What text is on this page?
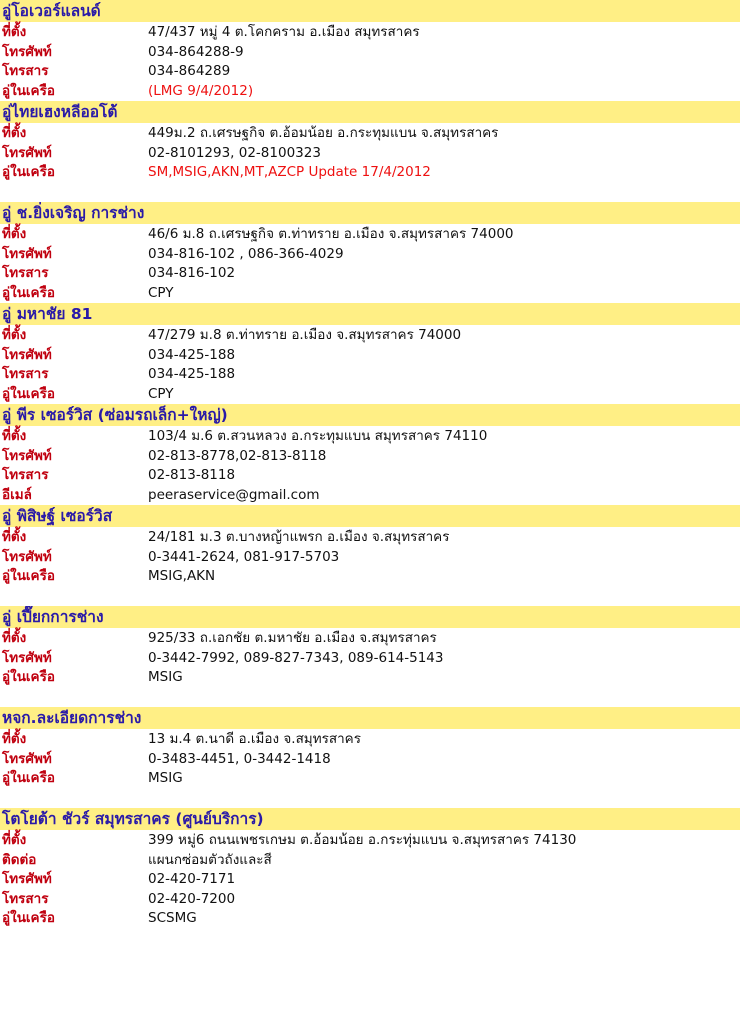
อู่โอเวอร์แลนด์
ที่ตั้ง	47/437 หมู่ 4 ต.โคกคราม อ.เมือง สมุทรสาคร
โทรศัพท์	034-864288-9
โทรสาร	034-864289
อู่ในเครือ	(LMG 9/4/2012)
อู่ไทยเฮงหลีออโต้
ที่ตั้ง	449ม.2 ถ.เศรษฐกิจ ต.อ้อมน้อย อ.กระทุมแบน จ.สมุทรสาคร
โทรศัพท์	02-8101293, 02-8100323
อู่ในเครือ	SM,MSIG,AKN,MT,AZCP Update 17/4/2012
อู่ ช.ยิ่งเจริญ การช่าง
ที่ตั้ง	46/6 ม.8 ถ.เศรษฐกิจ ต.ท่าทราย อ.เมือง จ.สมุทรสาคร 74000
โทรศัพท์	034-816-102 , 086-366-4029
โทรสาร	034-816-102
อู่ในเครือ	CPY
อู่ มหาชัย 81
ที่ตั้ง	47/279 ม.8 ต.ท่าทราย อ.เมือง จ.สมุทรสาคร 74000
โทรศัพท์	034-425-188
โทรสาร	034-425-188
อู่ในเครือ	CPY
อู่ พีร เซอร์วิส (ซ่อมรถเล็ก+ใหญ่)
ที่ตั้ง	103/4 ม.6 ต.สวนหลวง อ.กระทุมแบน สมุทรสาคร 74110
โทรศัพท์	02-813-8778,02-813-8118
โทรสาร	02-813-8118
อีเมล์	peeraservice@gmail.com
อู่ พิสิษฐ์ เซอร์วิส
ที่ตั้ง	24/181 ม.3 ต.บางหญ้าแพรก อ.เมือง จ.สมุทรสาคร
โทรศัพท์	0-3441-2624, 081-917-5703
อู่ในเครือ	MSIG,AKN
อู่ เปี๊ยกการช่าง
ที่ตั้ง	925/33 ถ.เอกชัย ต.มหาชัย อ.เมือง จ.สมุทรสาคร
โทรศัพท์	0-3442-7992, 089-827-7343, 089-614-5143
อู่ในเครือ	MSIG
หจก.ละเอียดการช่าง
ที่ตั้ง	13 ม.4 ต.นาดี อ.เมือง จ.สมุทรสาคร
โทรศัพท์	0-3483-4451, 0-3442-1418
อู่ในเครือ	MSIG
โตโยต้า ชัวร์ สมุทรสาคร (ศูนย์บริการ)
ที่ตั้ง	399 หมู่6 ถนนเพชรเกษม ต.อ้อมน้อย อ.กระทุ่มแบน จ.สมุทรสาคร 74130
ติดต่อ	แผนกซ่อมตัวถังและสี
โทรศัพท์	02-420-7171
โทรสาร	02-420-7200
อู่ในเครือ	SCSMG
